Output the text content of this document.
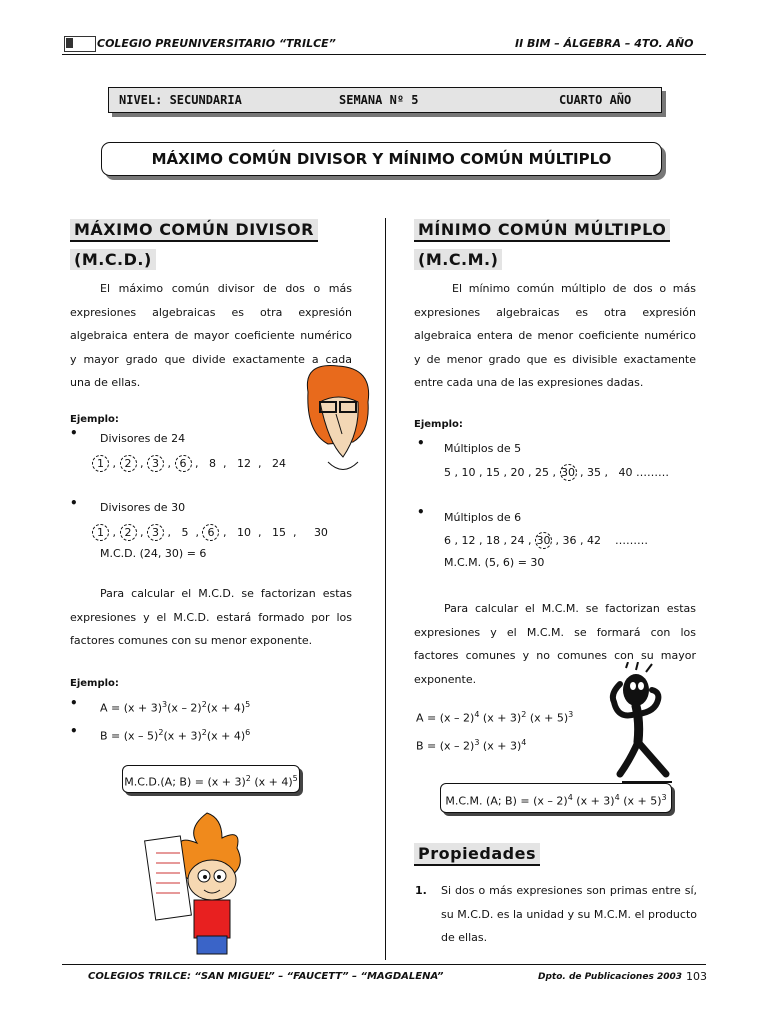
COLEGIO PREUNIVERSITARIO “TRILCE”	II BIM – ÁLGEBRA – 4TO. AÑO
NIVEL: SECUNDARIA	SEMANA Nº 5	CUARTO AÑO
MÁXIMO COMÚN DIVISOR Y MÍNIMO COMÚN MÚLTIPLO
MÁXIMO COMÚN DIVISOR
(M.C.D.)

El máximo común divisor de dos o más expresiones algebraicas es otra expresión algebraica entera de mayor coeficiente numérico y mayor grado que divide exactamente a cada una de ellas.

Ejemplo:
• Divisores de 24
1 , 2 , 3 , 6 ,   8  ,   12  ,   24
• Divisores de 30
1 , 2 , 3 ,   5  , 6 ,   10  ,   15  ,     30
M.C.D. (24, 30) = 6

Para calcular el M.C.D. se factorizan estas expresiones y el M.C.D. estará formado por los factores comunes con su menor exponente.

Ejemplo:
• $A = (x + 3)^3(x - 2)^2(x + 4)^5$
• $B = (x - 5)^2(x + 3)^2(x + 4)^6$
M.C.D.(A; $B) = (x + 3)^2$ $(x + 4)^5$
MÍNIMO COMÚN MÚLTIPLO
(M.C.M.)

El mínimo común múltiplo de dos o más expresiones algebraicas es otra expresión algebraica entera de menor coeficiente numérico y de menor grado que es divisible exactamente entre cada una de las expresiones dadas.

Ejemplo:
• Múltiplos de 5
5 , 10 , 15 , 20 , 25 , 30 , 35 ,   40 ………
• Múltiplos de 6
6 , 12 , 18 , 24 , 30 , 36 , 42 ………
M.C.M. (5, 6) = 30

Para calcular el M.C.M. se factorizan estas expresiones y el M.C.M. se formará con los factores comunes y no comunes con su mayor exponente.

A = (x – 2)$^4$ $(x + 3)^2$ $(x + 5)^3$
B = (x – 2)$^3$ $(x + 3)^4$
M.C.M. (A; B) = (x – 2)$^4$ $(x + 3)^4$ $(x + 5)^3$
Propiedades
1. Si dos o más expresiones son primas entre sí, su M.C.D. es la unidad y su M.C.M. el producto de ellas.

COLEGIOS TRILCE: “SAN MIGUEL” – “FAUCETT” – “MAGDALENA”	Dpto. de Publicaciones 2003 103
